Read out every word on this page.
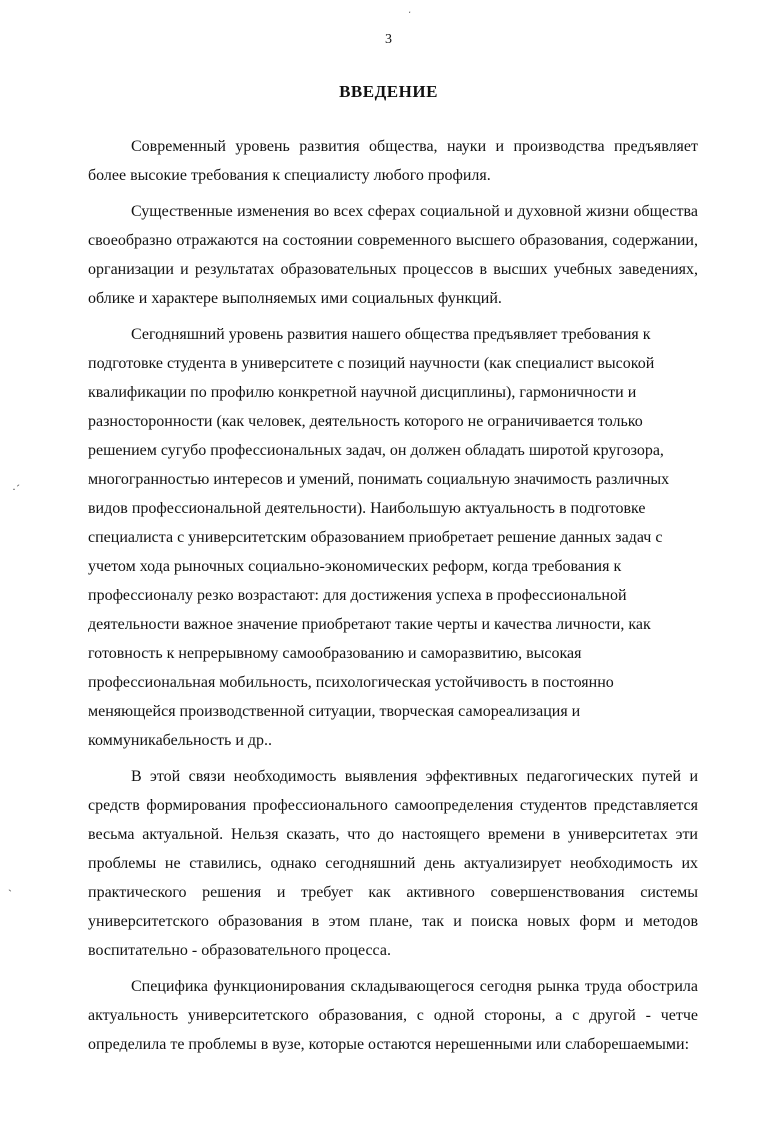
ˑ
·´
ˏ
3
ВВЕДЕНИЕ

Современный уровень развития общества, науки и производства предъявляет более высокие требования к специалисту любого профиля.

Существенные изменения во всех сферах социальной и духовной жизни общества своеобразно отражаются на состоянии современного высшего образования, содержании, организации и результатах образовательных процессов в высших учебных заведениях, облике и характере выполняемых ими социальных функций.

Сегодняшний уровень развития нашего общества предъявляет требования к подготовке студента в университете с позиций научности (как специалист высокой квалификации по профилю конкретной научной дисциплины), гармоничности и разносторонности (как человек, деятельность которого не ограничивается только решением сугубо профессиональных задач, он должен обладать широтой кругозора, многогранностью интересов и умений, понимать социальную значимость различных видов профессиональной деятельности). Наибольшую актуальность в подготовке специалиста с университетским образованием приобретает решение данных задач с учетом хода рыночных социально-экономических реформ, когда требования к профессионалу резко возрастают: для достижения успеха в профессиональной деятельности важное значение приобретают такие черты и качества личности, как готовность к непрерывному самообразованию и саморазвитию, высокая профессиональная мобильность, психологическая устойчивость в постоянно меняющейся производственной ситуации, творческая самореализация и коммуникабельность и др..

В этой связи необходимость выявления эффективных педагогических путей и средств формирования профессионального самоопределения студентов представляется весьма актуальной. Нельзя сказать, что до настоящего времени в университетах эти проблемы не ставились, однако сегодняшний день актуализирует необходимость их практического решения и требует как активного совершенствования системы университетского образования в этом плане, так и поиска новых форм и методов воспитательно - образовательного процесса.

Специфика функционирования складывающегося сегодня рынка труда обострила актуальность университетского образования, с одной стороны, а с другой - четче определила те проблемы в вузе, которые остаются нерешенными или слаборешаемыми:
